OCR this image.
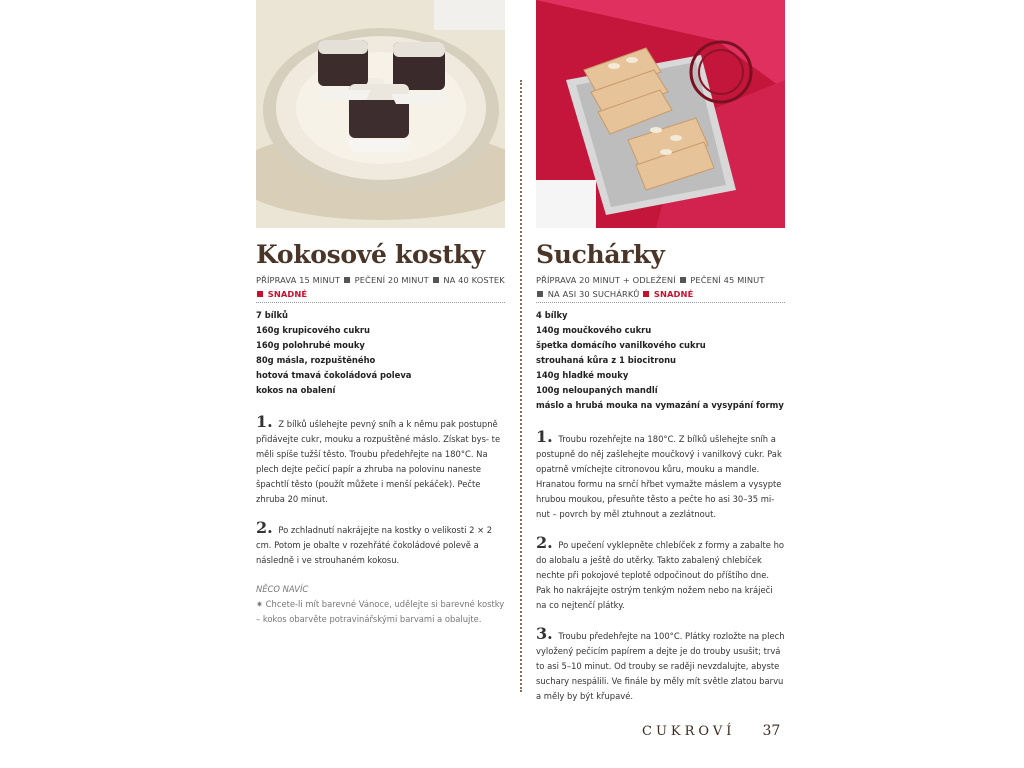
Kokosové kostky
PŘÍPRAVA 15 MINUT PEČENÍ 20 MINUT NA 40 KOSTEK
SNADNÉ
7 bílků
160g krupicového cukru
160g polohrubé mouky
80g másla, rozpuštěného
hotová tmavá čokoládová poleva
kokos na obalení
1. Z bílků ušlehejte pevný sníh a k němu pak postupně přidávejte cukr, mouku a rozpuštěné máslo. Získat bys- te měli spíše tužší těsto. Troubu předehřejte na 180°C. Na plech dejte pečicí papír a zhruba na polovinu naneste špachtlí těsto (použít můžete i menší pekáček). Pečte zhruba 20 minut.
2. Po zchladnutí nakrájejte na kostky o velikosti 2 × 2 cm. Potom je obalte v rozehřáté čokoládové polevě a následně i ve strouhaném kokosu.
NĚCO NAVÍC
✷ Chcete-li mít barevné Vánoce, udělejte si barevné kostky – kokos obarvěte potravinářskými barvami a obalujte.
Suchárky
PŘÍPRAVA 20 MINUT + ODLEŽENÍ PEČENÍ 45 MINUT
NA ASI 30 SUCHÁRKŮ SNADNÉ
4 bílky
140g moučkového cukru
špetka domácího vanilkového cukru
strouhaná kůra z 1 biocitronu
140g hladké mouky
100g neloupaných mandlí
máslo a hrubá mouka na vymazání a vysypání formy
1. Troubu rozehřejte na 180°C. Z bílků ušlehejte sníh a postupně do něj zašlehejte moučkový i vanilkový cukr. Pak opatrně vmíchejte citronovou kůru, mouku a mandle. Hranatou formu na srnčí hřbet vymažte máslem a vysypte hrubou moukou, přesuňte těsto a pečte ho asi 30–35 mi- nut – povrch by měl ztuhnout a zezlátnout.
2. Po upečení vyklepněte chlebíček z formy a zabalte ho do alobalu a ještě do utěrky. Takto zabalený chlebíček nechte při pokojové teplotě odpočinout do příštího dne. Pak ho nakrájejte ostrým tenkým nožem nebo na kráječi na co nejtenčí plátky.
3. Troubu předehřejte na 100°C. Plátky rozložte na plech vyložený pečicím papírem a dejte je do trouby usušit; trvá to asi 5–10 minut. Od trouby se raději nevzdalujte, abyste suchary nespálili. Ve finále by měly mít světle zlatou barvu a měly by být křupavé.
CUKROVÍ 37
